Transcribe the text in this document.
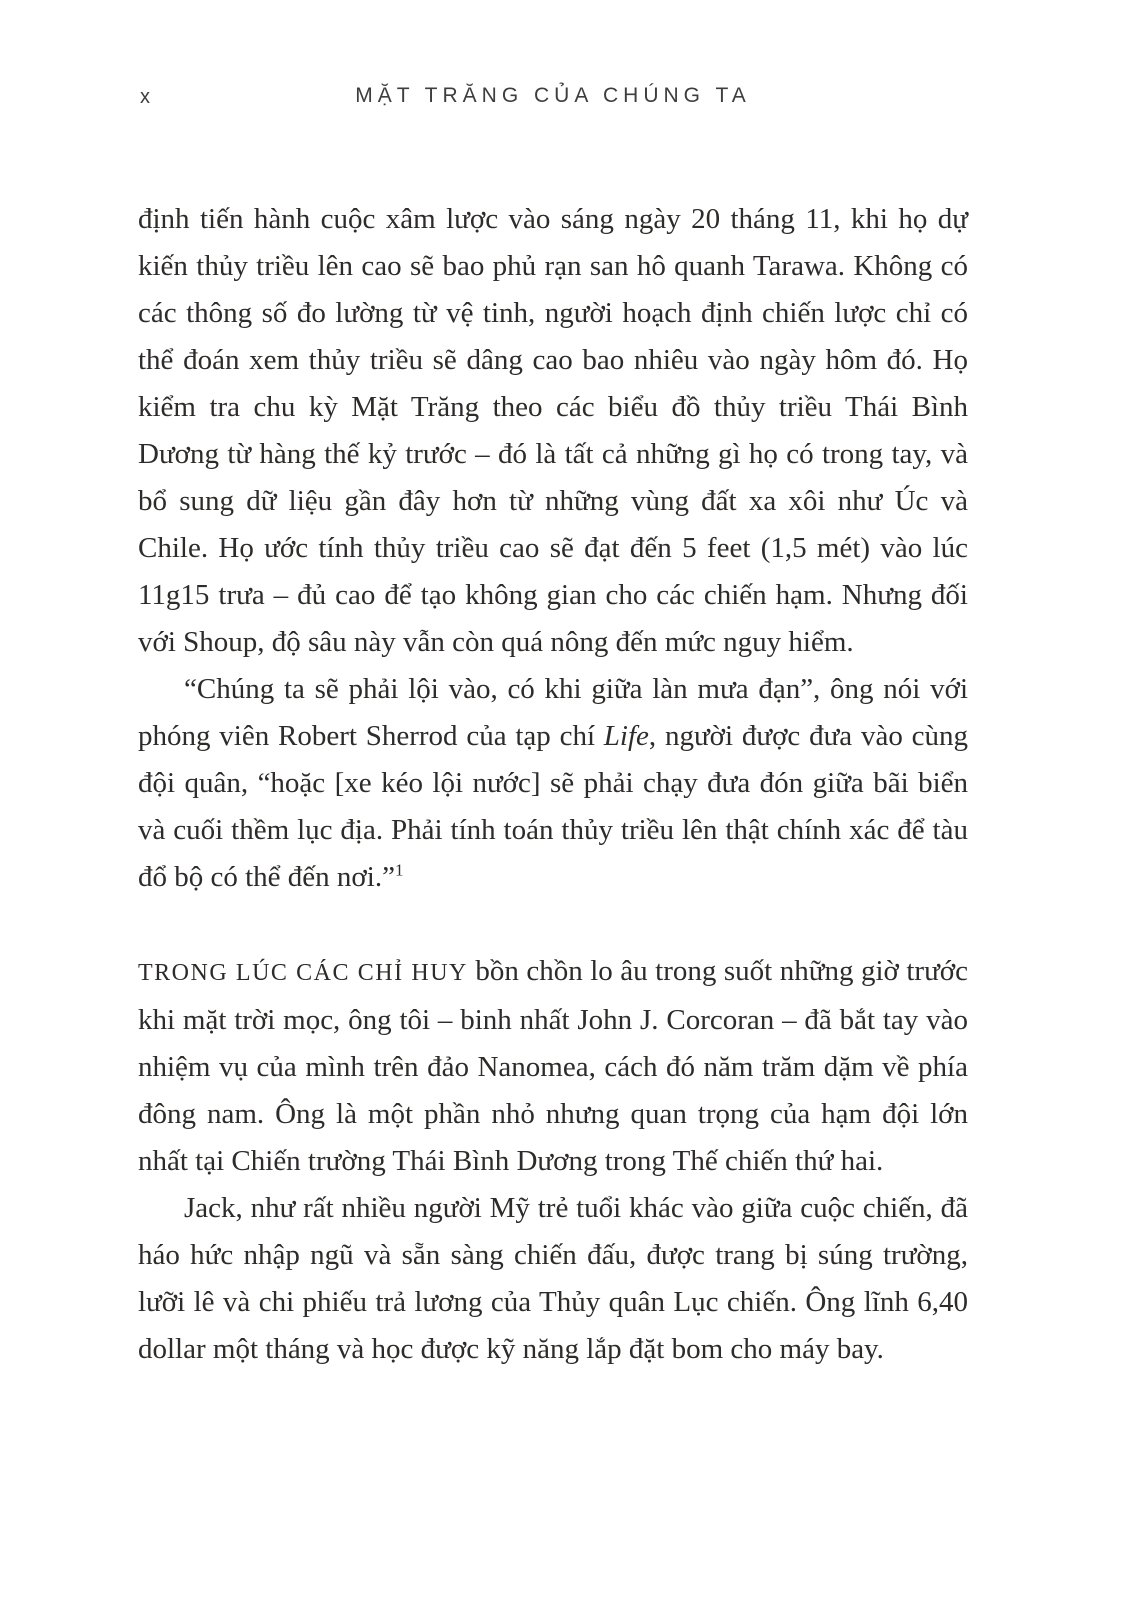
x	MẶT TRĂNG CỦA CHÚNG TA

định tiến hành cuộc xâm lược vào sáng ngày 20 tháng 11, khi họ dự kiến thủy triều lên cao sẽ bao phủ rạn san hô quanh Tarawa. Không có các thông số đo lường từ vệ tinh, người hoạch định chiến lược chỉ có thể đoán xem thủy triều sẽ dâng cao bao nhiêu vào ngày hôm đó. Họ kiểm tra chu kỳ Mặt Trăng theo các biểu đồ thủy triều Thái Bình Dương từ hàng thế kỷ trước – đó là tất cả những gì họ có trong tay, và bổ sung dữ liệu gần đây hơn từ những vùng đất xa xôi như Úc và Chile. Họ ước tính thủy triều cao sẽ đạt đến 5 feet (1,5 mét) vào lúc 11g15 trưa – đủ cao để tạo không gian cho các chiến hạm. Nhưng đối với Shoup, độ sâu này vẫn còn quá nông đến mức nguy hiểm.

“Chúng ta sẽ phải lội vào, có khi giữa làn mưa đạn”, ông nói với phóng viên Robert Sherrod của tạp chí Life, người được đưa vào cùng đội quân, “hoặc [xe kéo lội nước] sẽ phải chạy đưa đón giữa bãi biển và cuối thềm lục địa. Phải tính toán thủy triều lên thật chính xác để tàu đổ bộ có thể đến nơi.”$^1$

TRONG LÚC CÁC CHỈ HUY bồn chồn lo âu trong suốt những giờ trước khi mặt trời mọc, ông tôi – binh nhất John J. Corcoran – đã bắt tay vào nhiệm vụ của mình trên đảo Nanomea, cách đó năm trăm dặm về phía đông nam. Ông là một phần nhỏ nhưng quan trọng của hạm đội lớn nhất tại Chiến trường Thái Bình Dương trong Thế chiến thứ hai.

Jack, như rất nhiều người Mỹ trẻ tuổi khác vào giữa cuộc chiến, đã háo hức nhập ngũ và sẵn sàng chiến đấu, được trang bị súng trường, lưỡi lê và chi phiếu trả lương của Thủy quân Lục chiến. Ông lĩnh 6,40 dollar một tháng và học được kỹ năng lắp đặt bom cho máy bay.
